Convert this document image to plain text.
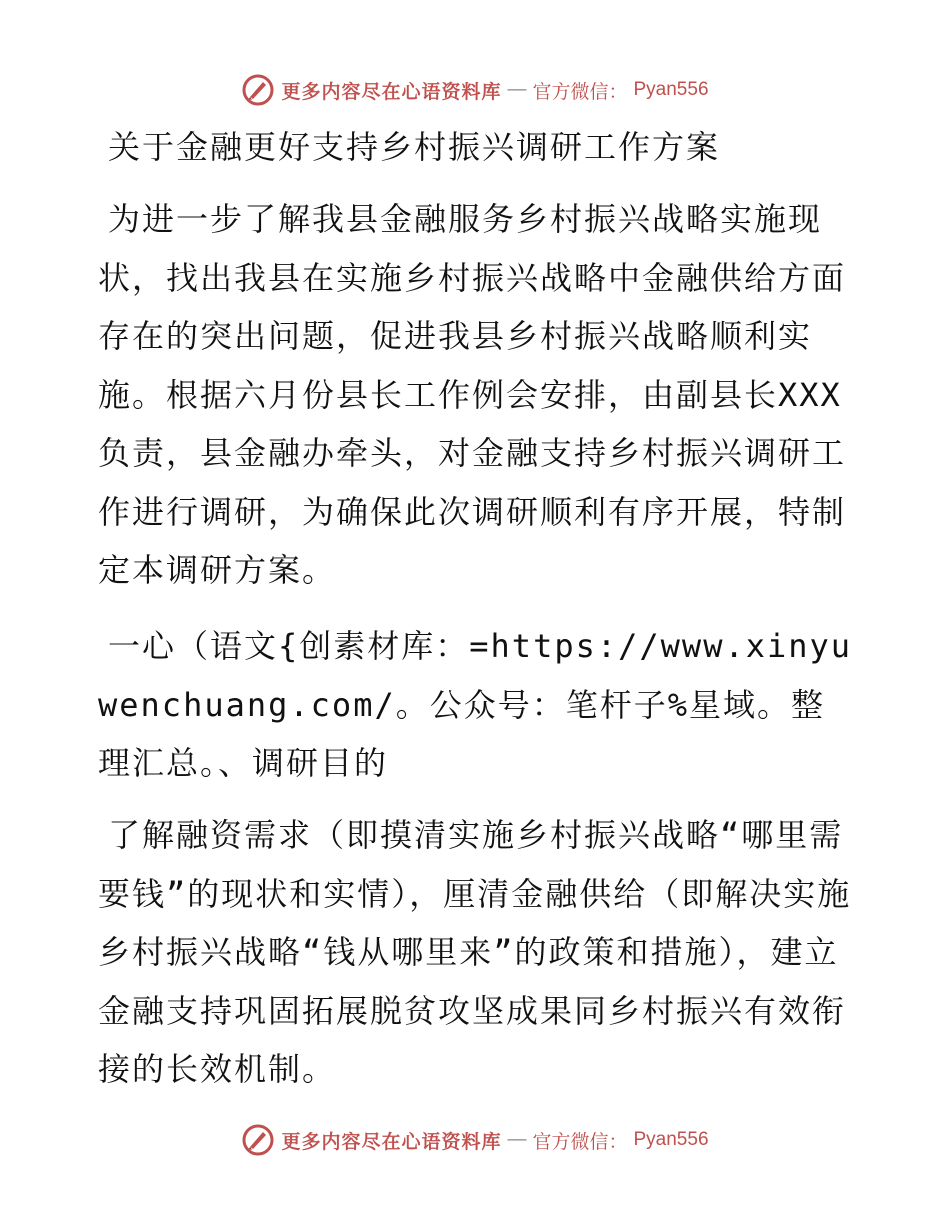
更多内容尽在心语资料库 — 官方微信： Pyan556
关于金融更好支持乡村振兴调研工作方案

为进一步了解我县金融服务乡村振兴战略实施现状，找出我县在实施乡村振兴战略中金融供给方面存在的突出问题，促进我县乡村振兴战略顺利实施。根据六月份县长工作例会安排，由副县长XXX负责，县金融办牵头，对金融支持乡村振兴调研工作进行调研，为确保此次调研顺利有序开展，特制定本调研方案。

一心（语文{创素材库：=https://www.xinyuwenchuang.com/。公众号：笔杆子%星域。整理汇总。、调研目的

了解融资需求（即摸清实施乡村振兴战略“哪里需要钱”的现状和实情），厘清金融供给（即解决实施乡村振兴战略“钱从哪里来”的政策和措施），建立金融支持巩固拓展脱贫攻坚成果同乡村振兴有效衔接的长效机制。

更多内容尽在心语资料库 — 官方微信： Pyan556
